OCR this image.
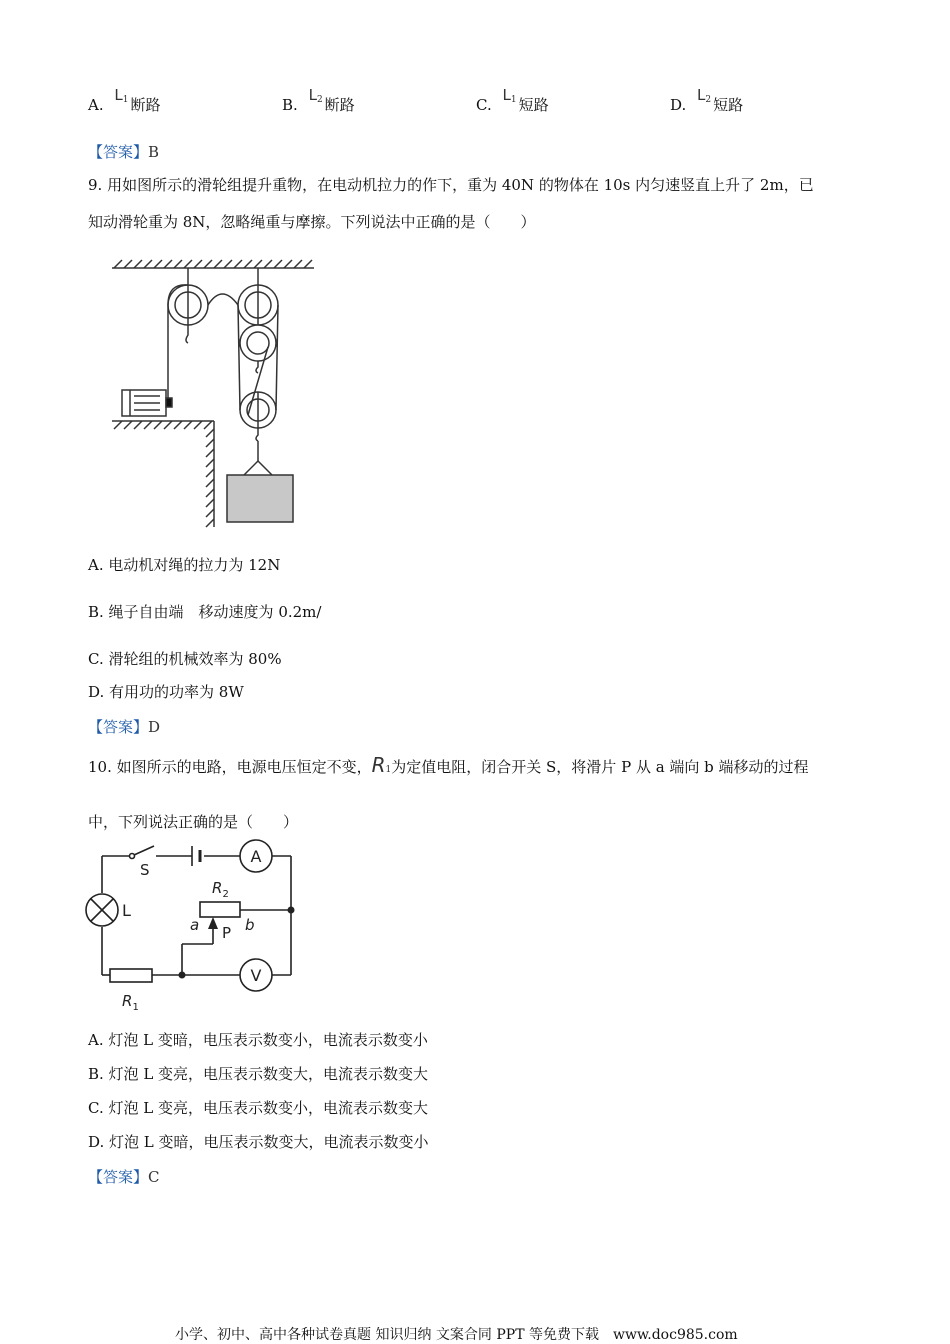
A. L1 断路	B. L2 断路	C. L1 短路	D. L2 短路
【答案】B
9. 用如图所示的滑轮组提升重物，在电动机拉力的作下，重为 40N 的物体在 10s 内匀速竖直上升了 2m，已
知动滑轮重为 8N，忽略绳重与摩擦。下列说法中正确的是（　　）
A. 电动机对绳的拉力为 12N
B. 绳子自由端　移动速度为 0.2m/
C. 滑轮组的机械效率为 80%
D. 有用功的功率为 8W
【答案】D
10. 如图所示的电路，电源电压恒定不变，R1为定值电阻，闭合开关 S，将滑片 P 从 a 端向 b 端移动的过程
中，下列说法正确的是（　　）
S
A
L
$R_2$
a P b
$R_1$
V
A. 灯泡 L 变暗，电压表示数变小，电流表示数变小
B. 灯泡 L 变亮，电压表示数变大，电流表示数变大
C. 灯泡 L 变亮，电压表示数变小，电流表示数变大
D. 灯泡 L 变暗，电压表示数变大，电流表示数变小
【答案】C
小学、初中、高中各种试卷真题 知识归纳 文案合同 PPT 等免费下载　www.doc985.com
